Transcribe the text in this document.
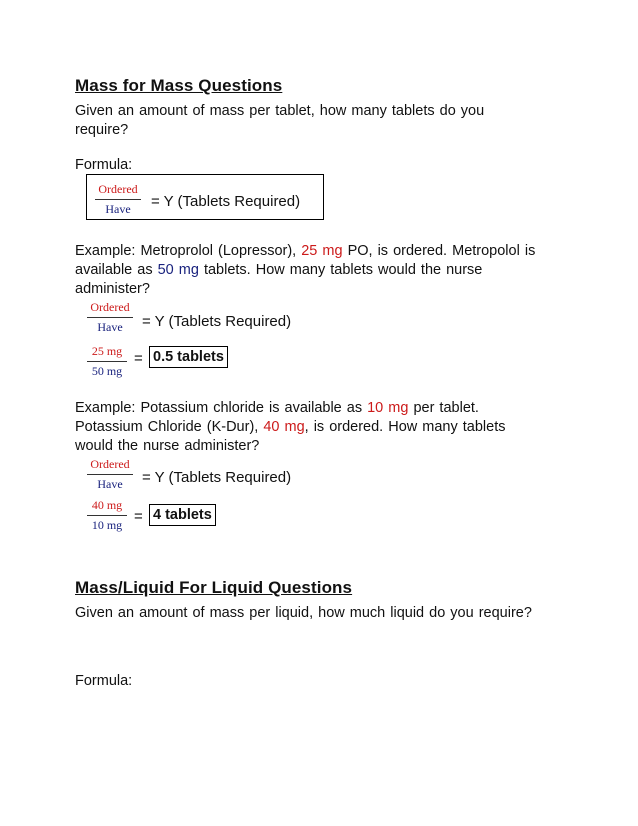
Mass for Mass Questions
Given an amount of mass per tablet, how many tablets do you
require?
Formula:
Ordered
Have	= Y (Tablets Required)
Example: Metroprolol (Lopressor), 25 mg PO, is ordered. Metropolol is
available as 50 mg tablets. How many tablets would the nurse
administer?
Ordered
Have	= Y (Tablets Required)
25 mg
50 mg
= 0.5 tablets
Example: Potassium chloride is available as 10 mg per tablet.
Potassium Chloride (K-Dur), 40 mg, is ordered. How many tablets
would the nurse administer?
Ordered
Have	= Y (Tablets Required)
40 mg
10 mg = 4 tablets
Mass/Liquid For Liquid Questions
Given an amount of mass per liquid, how much liquid do you require?
Formula:
